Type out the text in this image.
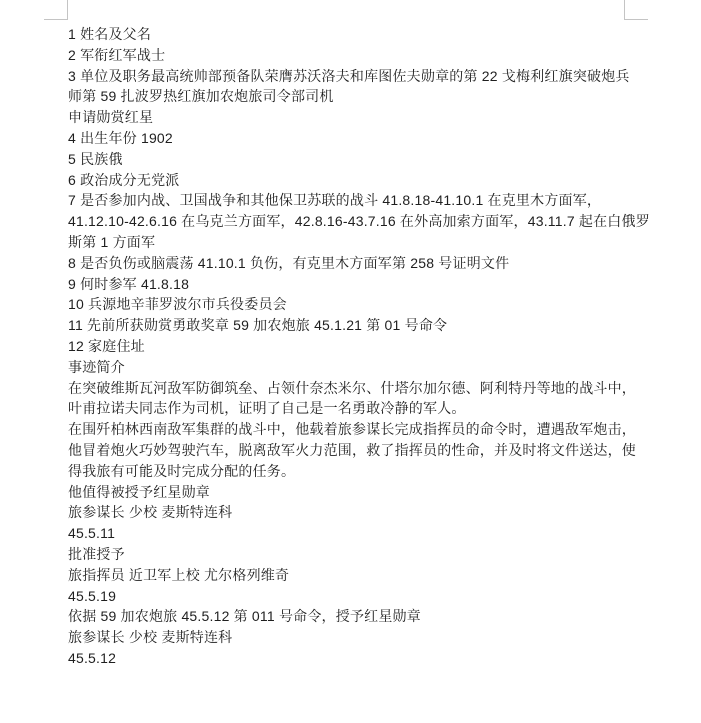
1 姓名及父名
2 军衔红军战士
3 单位及职务最高统帅部预备队荣膺苏沃洛夫和库图佐夫勋章的第 22 戈梅利红旗突破炮兵
师第 59 扎波罗热红旗加农炮旅司令部司机
申请勋赏红星
4 出生年份 1902
5 民族俄
6 政治成分无党派
7 是否参加内战、卫国战争和其他保卫苏联的战斗 41.8.18-41.10.1 在克里木方面军，
41.12.10-42.6.16 在乌克兰方面军，42.8.16-43.7.16 在外高加索方面军，43.11.7 起在白俄罗
斯第 1 方面军
8 是否负伤或脑震荡 41.10.1 负伤，有克里木方面军第 258 号证明文件
9 何时参军 41.8.18
10 兵源地辛菲罗波尔市兵役委员会
11 先前所获勋赏勇敢奖章 59 加农炮旅 45.1.21 第 01 号命令
12 家庭住址
事迹简介
在突破维斯瓦河敌军防御筑垒、占领什奈杰米尔、什塔尔加尔德、阿利特丹等地的战斗中，
叶甫拉诺夫同志作为司机，证明了自己是一名勇敢冷静的军人。
在围歼柏林西南敌军集群的战斗中，他载着旅参谋长完成指挥员的命令时，遭遇敌军炮击，
他冒着炮火巧妙驾驶汽车，脱离敌军火力范围，救了指挥员的性命，并及时将文件送达，使
得我旅有可能及时完成分配的任务。
他值得被授予红星勋章
旅参谋长 少校 麦斯特连科
45.5.11
批准授予
旅指挥员 近卫军上校 尤尔格列维奇
45.5.19
依据 59 加农炮旅 45.5.12 第 011 号命令，授予红星勋章
旅参谋长 少校 麦斯特连科
45.5.12
